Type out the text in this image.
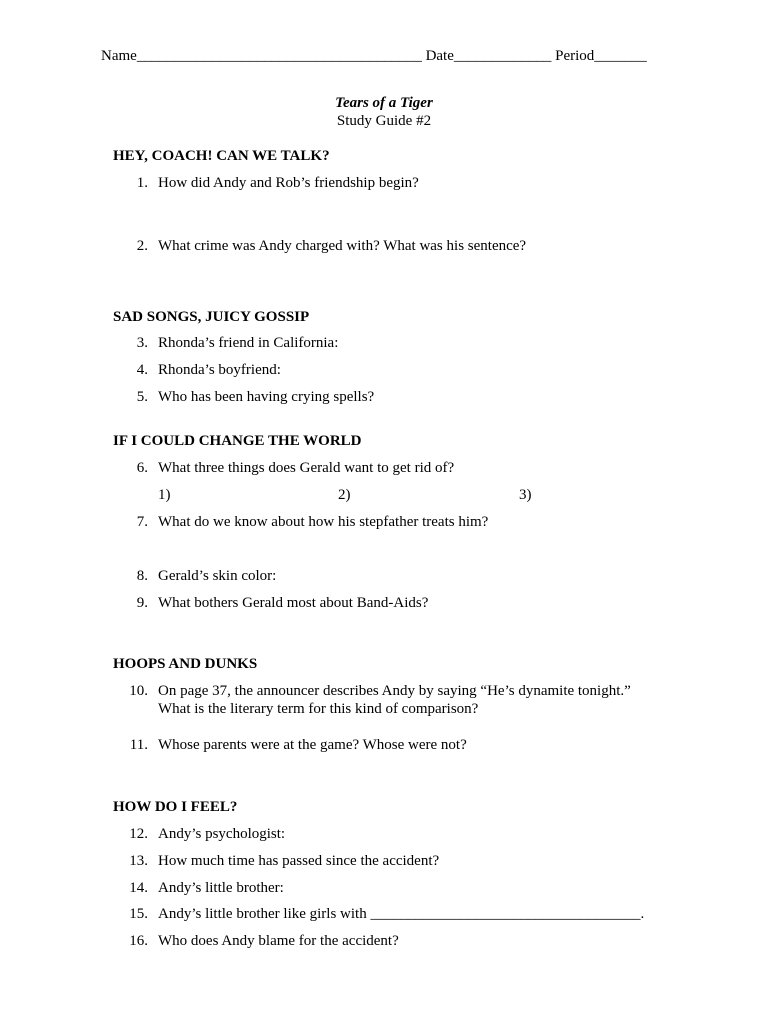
Name______________________________________ Date_____________ Period_______
Tears of a Tiger
Study Guide #2
HEY, COACH! CAN WE TALK?
1. How did Andy and Rob’s friendship begin?
2. What crime was Andy charged with? What was his sentence?
SAD SONGS, JUICY GOSSIP
3. Rhonda’s friend in California:
4. Rhonda’s boyfriend:
5. Who has been having crying spells?
IF I COULD CHANGE THE WORLD
6. What three things does Gerald want to get rid of?
1)	2)	3)
7. What do we know about how his stepfather treats him?
8. Gerald’s skin color:
9. What bothers Gerald most about Band-Aids?
HOOPS AND DUNKS
10. On page 37, the announcer describes Andy by saying “He’s dynamite tonight.” What is the literary term for this kind of comparison?
11. Whose parents were at the game? Whose were not?
HOW DO I FEEL?
12. Andy’s psychologist:
13. How much time has passed since the accident?
14. Andy’s little brother:
15. Andy’s little brother like girls with ____________________________________.
16. Who does Andy blame for the accident?
